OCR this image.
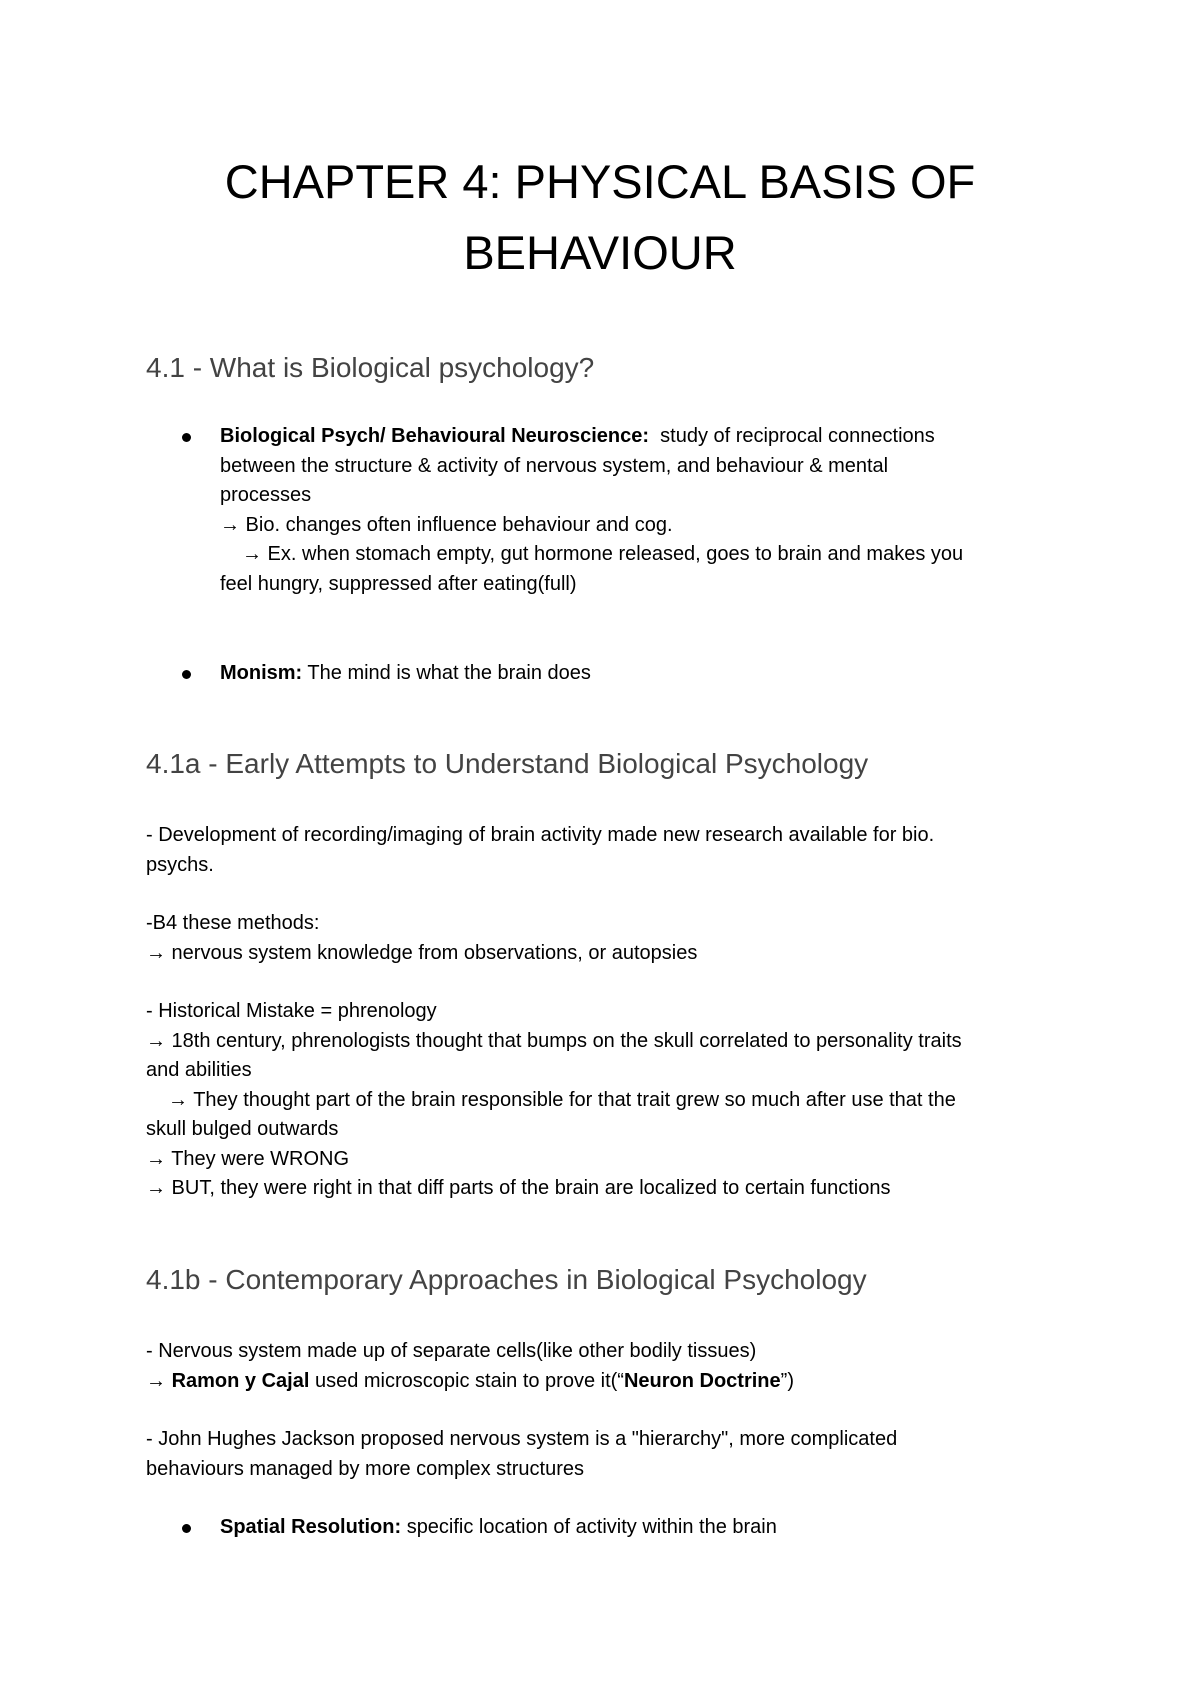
CHAPTER 4: PHYSICAL BASIS OF
BEHAVIOUR
4.1 - What is Biological psychology?
Biological Psych/ Behavioural Neuroscience: study of reciprocal connections
between the structure & activity of nervous system, and behaviour & mental
processes
→ Bio. changes often influence behaviour and cog.
→ Ex. when stomach empty, gut hormone released, goes to brain and makes you
feel hungry, suppressed after eating(full)
Monism: The mind is what the brain does
4.1a - Early Attempts to Understand Biological Psychology
- Development of recording/imaging of brain activity made new research available for bio.
psychs.
-B4 these methods:
→ nervous system knowledge from observations, or autopsies
- Historical Mistake = phrenology
→ 18th century, phrenologists thought that bumps on the skull correlated to personality traits
and abilities
→ They thought part of the brain responsible for that trait grew so much after use that the
skull bulged outwards
→ They were WRONG
→ BUT, they were right in that diff parts of the brain are localized to certain functions
4.1b - Contemporary Approaches in Biological Psychology
- Nervous system made up of separate cells(like other bodily tissues)
→ Ramon y Cajal used microscopic stain to prove it(“Neuron Doctrine”)
- John Hughes Jackson proposed nervous system is a "hierarchy", more complicated
behaviours managed by more complex structures
Spatial Resolution: specific location of activity within the brain
